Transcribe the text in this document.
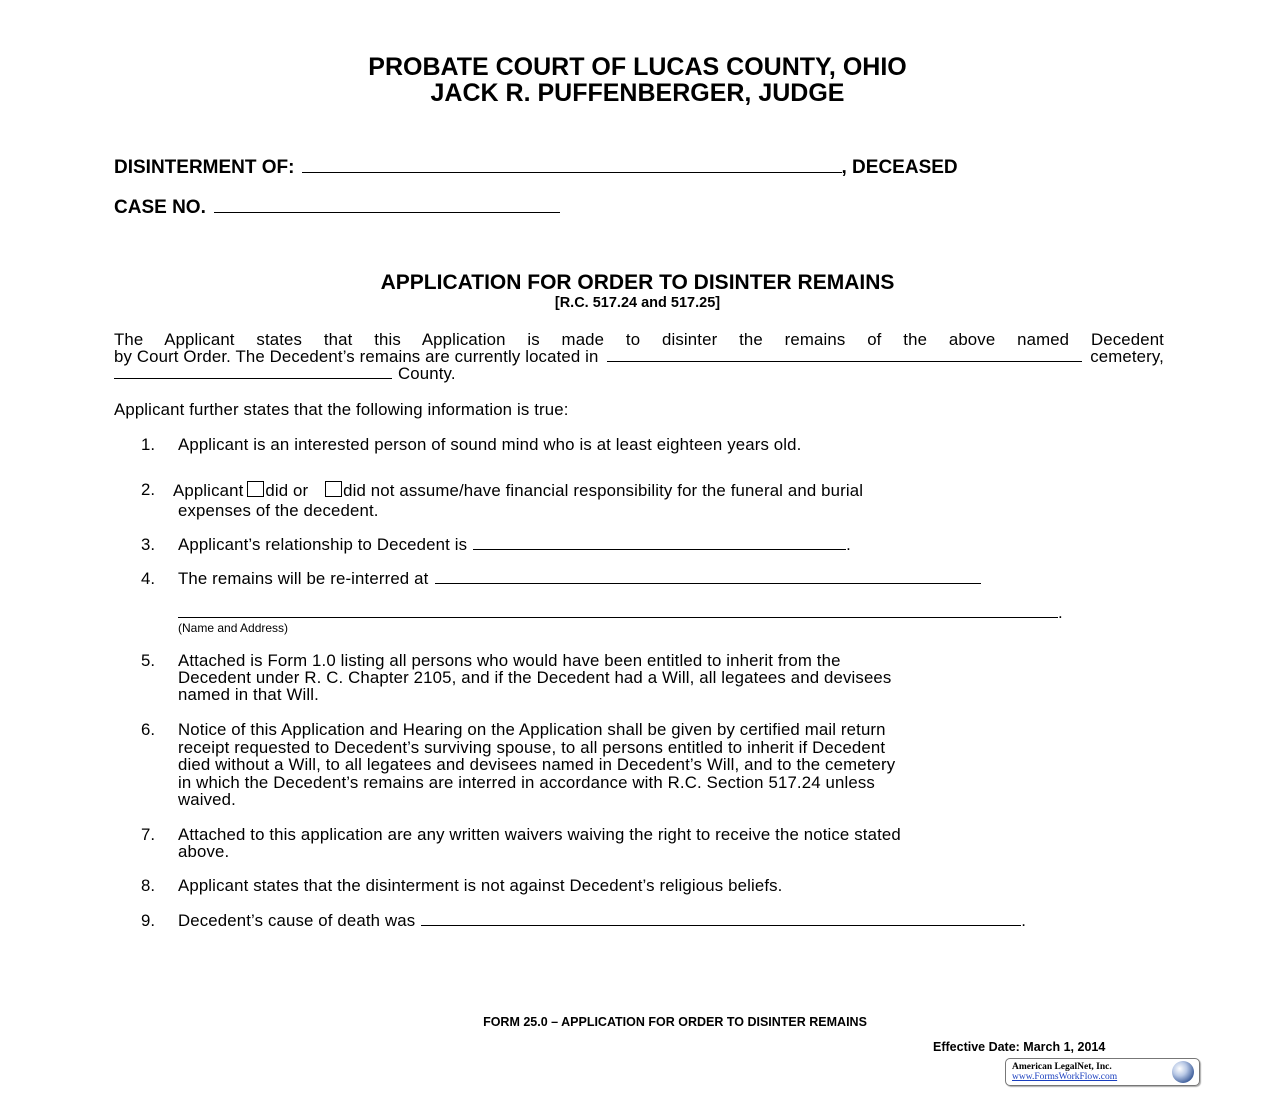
PROBATE COURT OF LUCAS COUNTY, OHIO
JACK R. PUFFENBERGER, JUDGE
DISINTERMENT OF:	, DECEASED
CASE NO.
APPLICATION FOR ORDER TO DISINTER REMAINS
[R.C. 517.24 and 517.25]
The Applicant states that this Application is made to disinter the remains of the above named Decedent
by Court Order. The Decedent’s remains are currently located in	cemetery,
County.
Applicant further states that the following information is true:
1. Applicant is an interested person of sound mind who is at least eighteen years old.
2. Applicant did or did not assume/have financial responsibility for the funeral and burial
expenses of the decedent.
3. Applicant’s relationship to Decedent is	.
4. The remains will be re-interred at
.
(Name and Address)
5. Attached is Form 1.0 listing all persons who would have been entitled to inherit from the
Decedent under R. C. Chapter 2105, and if the Decedent had a Will, all legatees and devisees
named in that Will.
6. Notice of this Application and Hearing on the Application shall be given by certified mail return
receipt requested to Decedent’s surviving spouse, to all persons entitled to inherit if Decedent
died without a Will, to all legatees and devisees named in Decedent’s Will, and to the cemetery
in which the Decedent’s remains are interred in accordance with R.C. Section 517.24 unless
waived.
7. Attached to this application are any written waivers waiving the right to receive the notice stated
above.
8. Applicant states that the disinterment is not against Decedent’s religious beliefs.
9. Decedent’s cause of death was	.
FORM 25.0 – APPLICATION FOR ORDER TO DISINTER REMAINS
Effective Date: March 1, 2014
American LegalNet, Inc.
www.FormsWorkFlow.com
